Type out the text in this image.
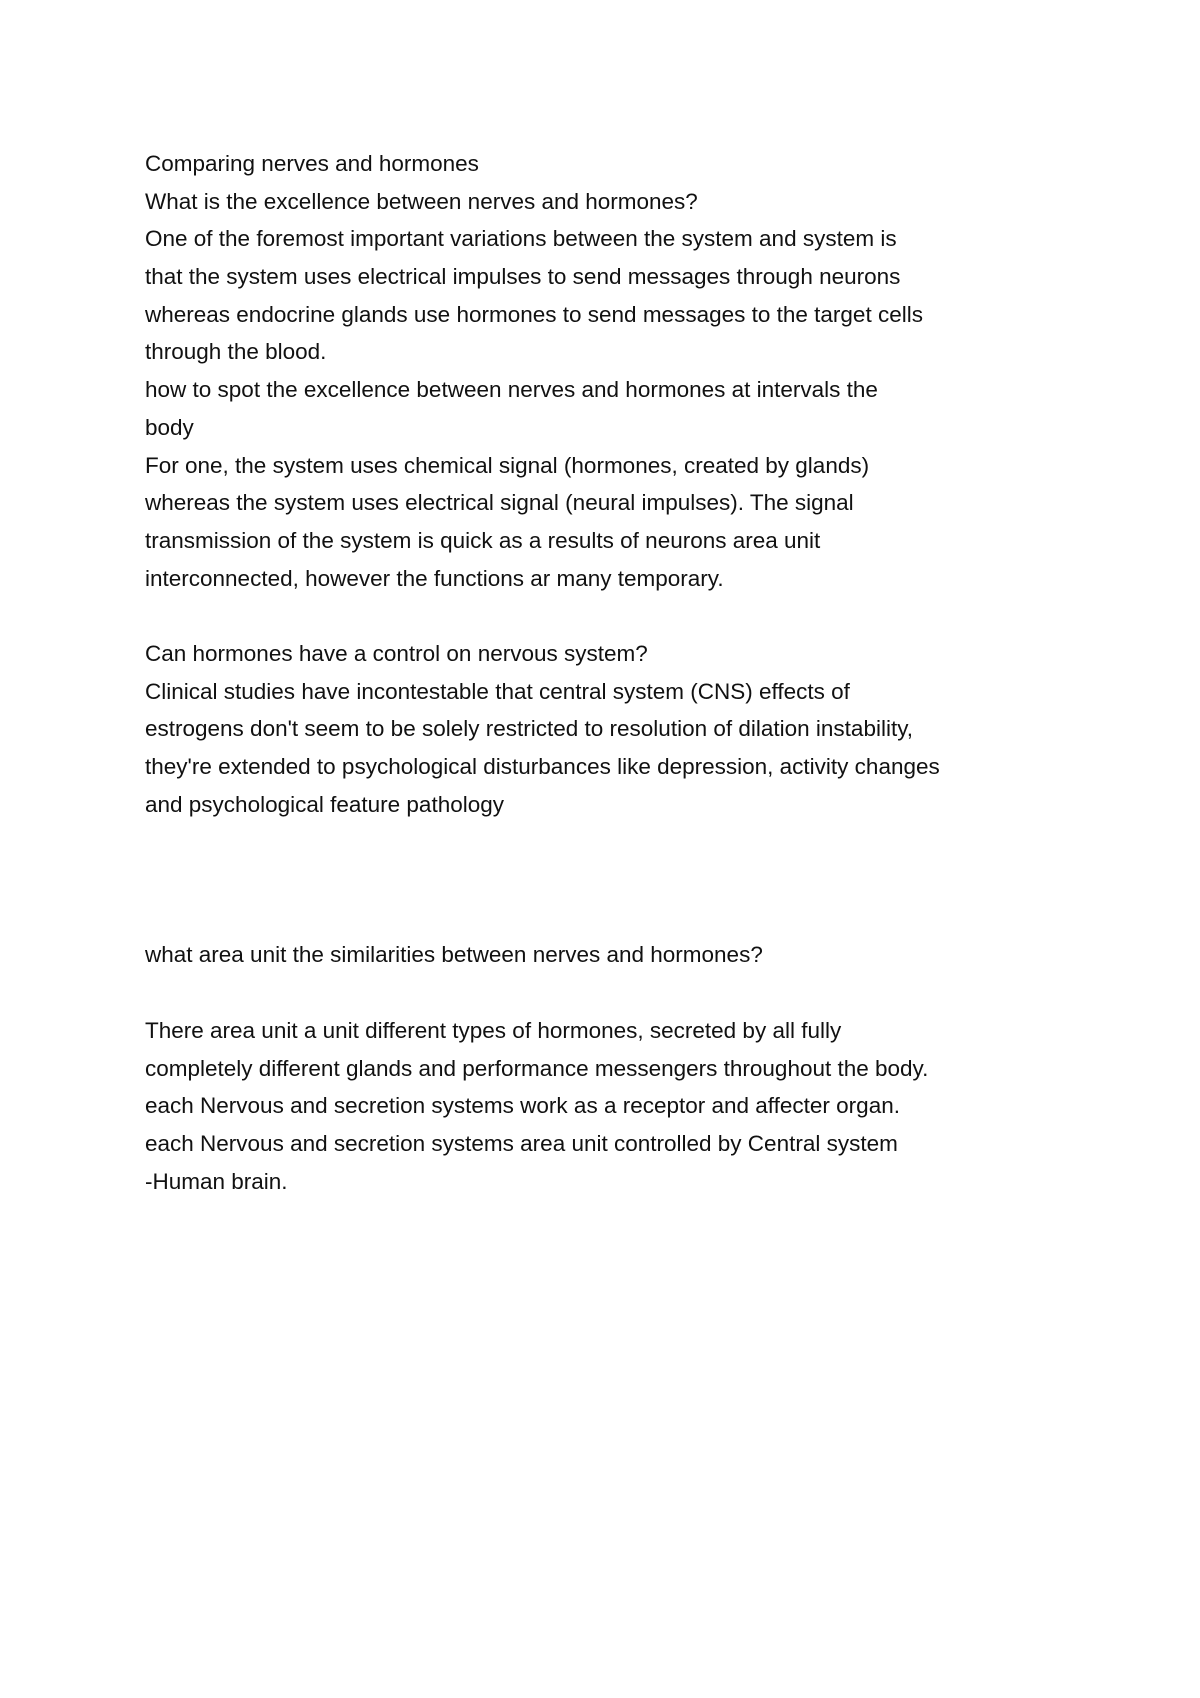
Comparing nerves and hormones
What is the excellence between nerves and hormones?
One of the foremost important variations between the system and system is
that the system uses electrical impulses to send messages through neurons
whereas endocrine glands use hormones to send messages to the target cells
through the blood.
how to spot the excellence between nerves and hormones at intervals the
body
For one, the system uses chemical signal (hormones, created by glands)
whereas the system uses electrical signal (neural impulses). The signal
transmission of the system is quick as a results of neurons area unit
interconnected, however the functions ar many temporary.
Can hormones have a control on nervous system?
Clinical studies have incontestable that central system (CNS) effects of
estrogens don't seem to be solely restricted to resolution of dilation instability,
they're extended to psychological disturbances like depression, activity changes
and psychological feature pathology
what area unit the similarities between nerves and hormones?
There area unit a unit different types of hormones, secreted by all fully
completely different glands and performance messengers throughout the body.
each Nervous and secretion systems work as a receptor and affecter organ.
each Nervous and secretion systems area unit controlled by Central system
-Human brain.
